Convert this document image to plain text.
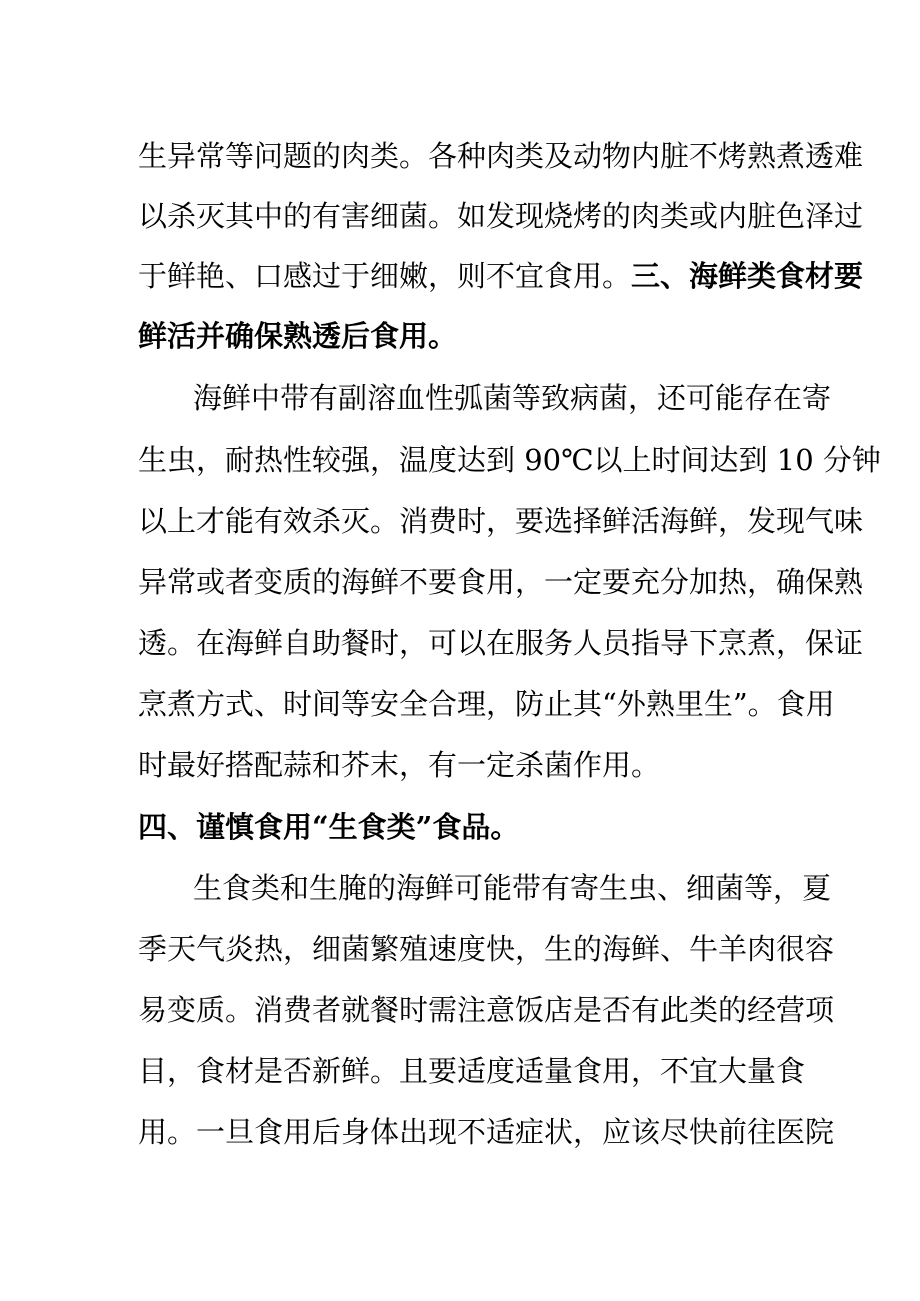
生异常等问题的肉类。各种肉类及动物内脏不烤熟煮透难
以杀灭其中的有害细菌。如发现烧烤的肉类或内脏色泽过
于鲜艳、口感过于细嫩，则不宜食用。三、海鲜类食材要
鲜活并确保熟透后食用。
海鲜中带有副溶血性弧菌等致病菌，还可能存在寄
生虫，耐热性较强，温度达到 90℃以上时间达到 10 分钟
以上才能有效杀灭。消费时，要选择鲜活海鲜，发现气味
异常或者变质的海鲜不要食用，一定要充分加热，确保熟
透。在海鲜自助餐时，可以在服务人员指导下烹煮，保证
烹煮方式、时间等安全合理，防止其“外熟里生”。食用
时最好搭配蒜和芥末，有一定杀菌作用。
四、谨慎食用“生食类”食品。
生食类和生腌的海鲜可能带有寄生虫、细菌等，夏
季天气炎热，细菌繁殖速度快，生的海鲜、牛羊肉很容
易变质。消费者就餐时需注意饭店是否有此类的经营项
目，食材是否新鲜。且要适度适量食用，不宜大量食
用。一旦食用后身体出现不适症状，应该尽快前往医院
